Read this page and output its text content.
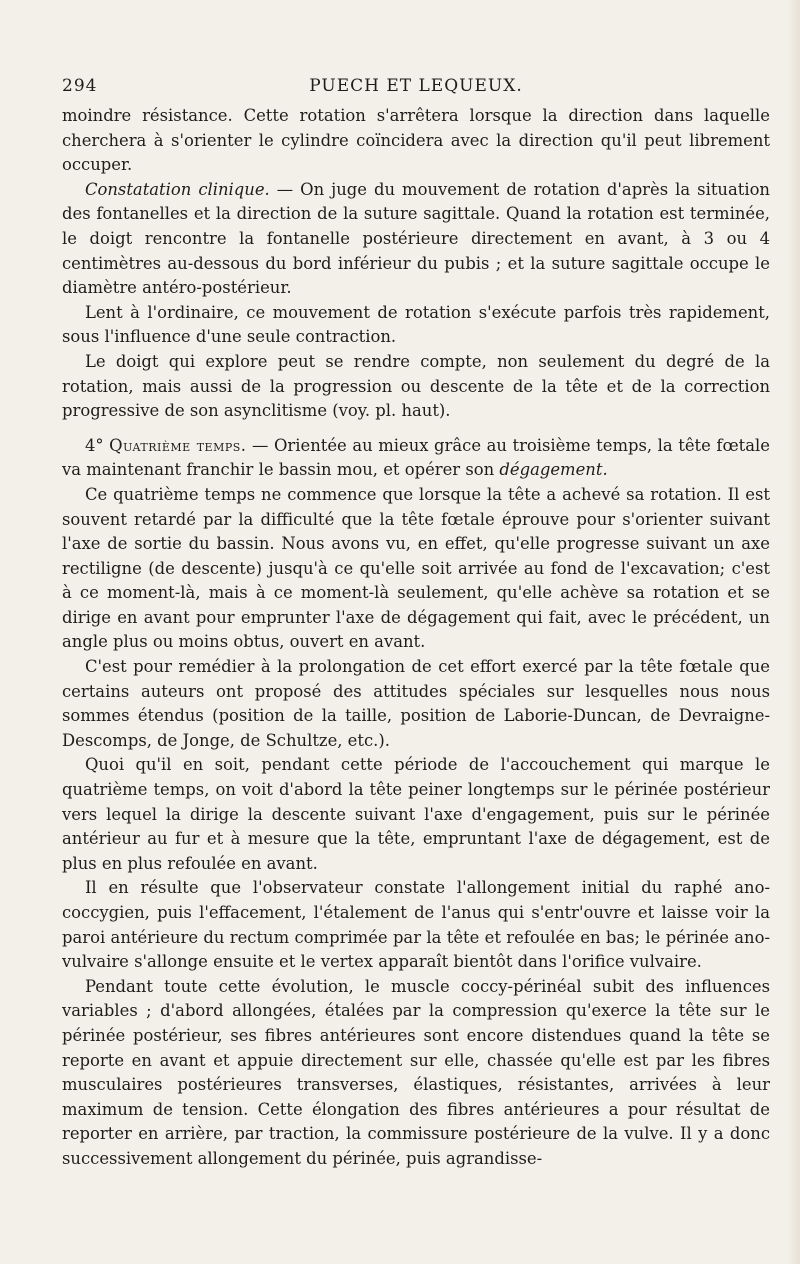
294	PUECH ET LEQUEUX.

moindre résistance. Cette rotation s'arrêtera lorsque la direction dans laquelle cherchera à s'orienter le cylindre coïncidera avec la direction qu'il peut librement occuper.

Constatation clinique. — On juge du mouvement de rotation d'après la situation des fontanelles et la direction de la suture sagittale. Quand la rotation est terminée, le doigt rencontre la fontanelle postérieure directement en avant, à 3 ou 4 centimètres au-dessous du bord inférieur du pubis ; et la suture sagittale occupe le diamètre antéro-postérieur.

Lent à l'ordinaire, ce mouvement de rotation s'exécute parfois très rapidement, sous l'influence d'une seule contraction.

Le doigt qui explore peut se rendre compte, non seulement du degré de la rotation, mais aussi de la progression ou descente de la tête et de la correction progressive de son asynclitisme (voy. pl. haut).

4° Quatrième temps. — Orientée au mieux grâce au troisième temps, la tête fœtale va maintenant franchir le bassin mou, et opérer son dégagement.

Ce quatrième temps ne commence que lorsque la tête a achevé sa rotation. Il est souvent retardé par la difficulté que la tête fœtale éprouve pour s'orienter suivant l'axe de sortie du bassin. Nous avons vu, en effet, qu'elle progresse suivant un axe rectiligne (de descente) jusqu'à ce qu'elle soit arrivée au fond de l'excavation; c'est à ce moment-là, mais à ce moment-là seulement, qu'elle achève sa rotation et se dirige en avant pour emprunter l'axe de dégagement qui fait, avec le précédent, un angle plus ou moins obtus, ouvert en avant.

C'est pour remédier à la prolongation de cet effort exercé par la tête fœtale que certains auteurs ont proposé des attitudes spéciales sur lesquelles nous nous sommes étendus (position de la taille, position de Laborie-Duncan, de Devraigne-Descomps, de Jonge, de Schultze, etc.).

Quoi qu'il en soit, pendant cette période de l'accouchement qui marque le quatrième temps, on voit d'abord la tête peiner longtemps sur le périnée postérieur vers lequel la dirige la descente suivant l'axe d'engagement, puis sur le périnée antérieur au fur et à mesure que la tête, empruntant l'axe de dégagement, est de plus en plus refoulée en avant.

Il en résulte que l'observateur constate l'allongement initial du raphé ano-coccygien, puis l'effacement, l'étalement de l'anus qui s'entr'ouvre et laisse voir la paroi antérieure du rectum comprimée par la tête et refoulée en bas; le périnée ano-vulvaire s'allonge ensuite et le vertex apparaît bientôt dans l'orifice vulvaire.

Pendant toute cette évolution, le muscle coccy-périnéal subit des influences variables ; d'abord allongées, étalées par la compression qu'exerce la tête sur le périnée postérieur, ses fibres antérieures sont encore distendues quand la tête se reporte en avant et appuie directement sur elle, chassée qu'elle est par les fibres musculaires postérieures transverses, élastiques, résistantes, arrivées à leur maximum de tension. Cette élongation des fibres antérieures a pour résultat de reporter en arrière, par traction, la commissure postérieure de la vulve. Il y a donc successivement allongement du périnée, puis agrandisse-
